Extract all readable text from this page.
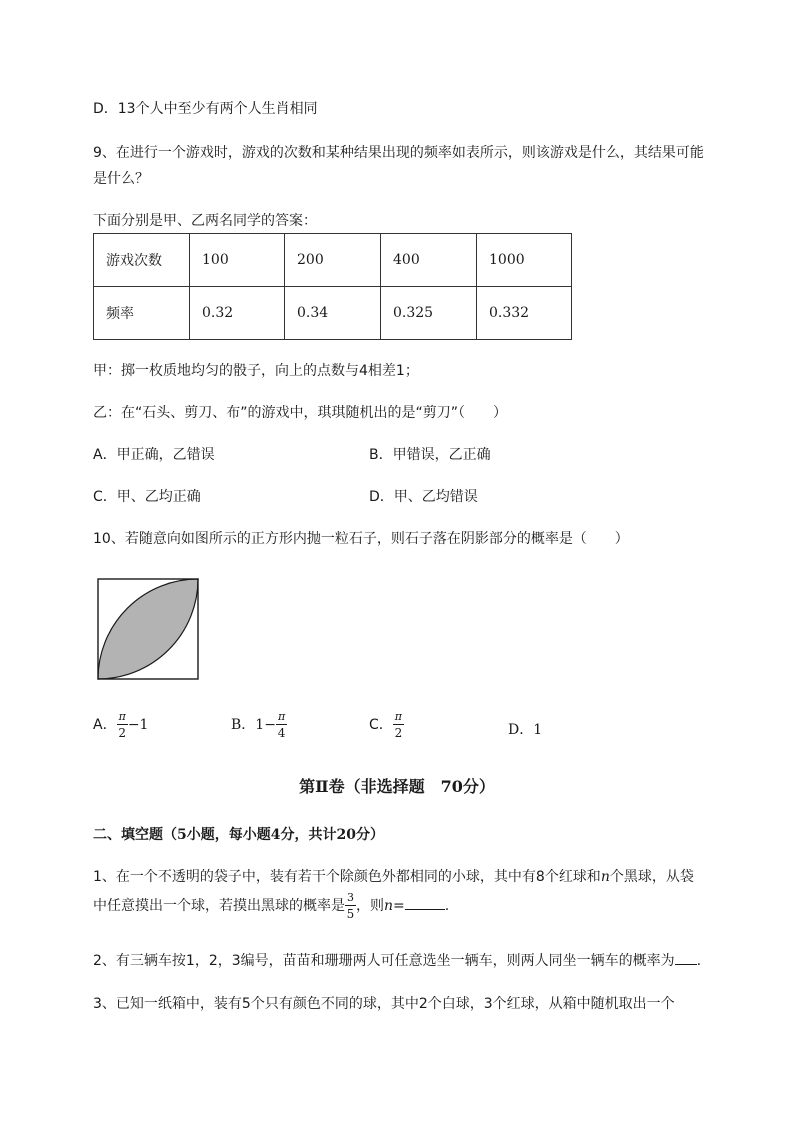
D．13个人中至少有两个人生肖相同
9、在进行一个游戏时，游戏的次数和某种结果出现的频率如表所示，则该游戏是什么，其结果可能
是什么？
下面分别是甲、乙两名同学的答案：
游戏次数	100	200	400	1000
频率	0.32	0.34	0.325	0.332
甲：掷一枚质地均匀的骰子，向上的点数与4相差1；
乙：在“石头、剪刀、布”的游戏中，琪琪随机出的是“剪刀”（　　）
A．甲正确，乙错误	B．甲错误，乙正确
C．甲、乙均正确	D．甲、乙均错误
10、若随意向如图所示的正方形内抛一粒石子，则石子落在阴影部分的概率是（　　）
A． $\frac{\pi}{2} -1$	B．$1- \frac{\pi}{4}$	C． $\frac{\pi}{2}$	D．1
第Ⅱ卷（非选择题　70分）
二、填空题（5小题，每小题4分，共计20分）
1、在一个不透明的袋子中，装有若干个除颜色外都相同的小球，其中有8个红球和n个黑球，从袋
中任意摸出一个球，若摸出黑球的概率是 $\frac{3}{5}$ ，则n=	.
2、有三辆车按1，2，3编号，苗苗和珊珊两人可任意选坐一辆车，则两人同坐一辆车的概率为 .
3、已知一纸箱中，装有5个只有颜色不同的球，其中2个白球，3个红球，从箱中随机取出一个
